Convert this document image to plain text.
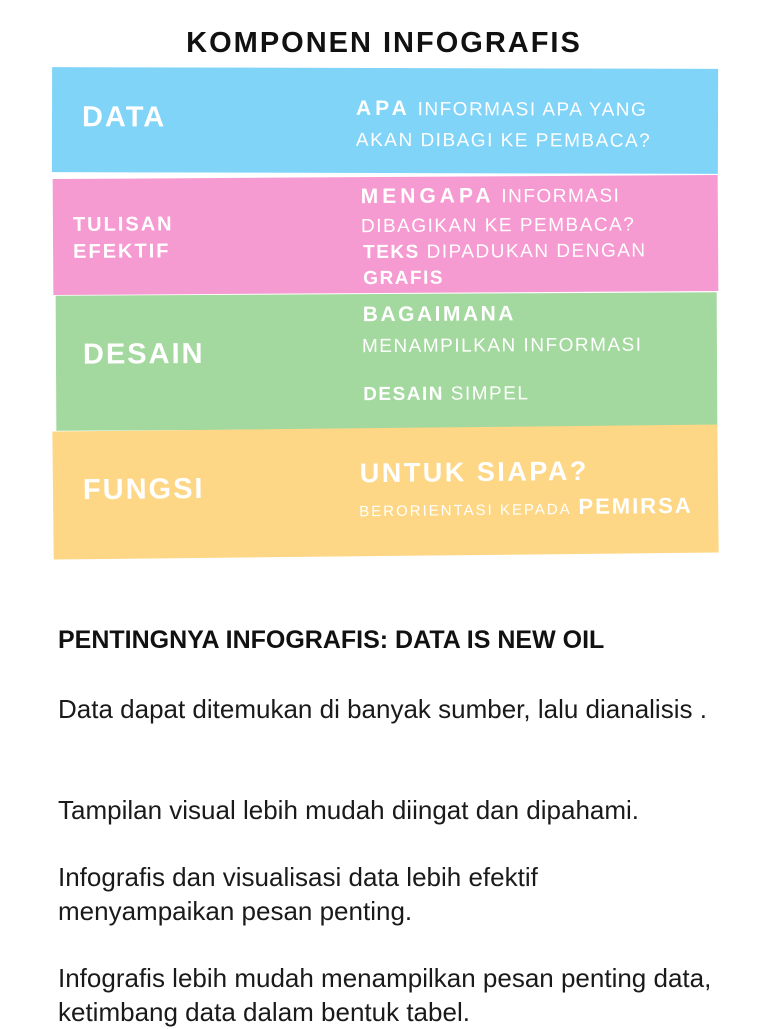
KOMPONEN INFOGRAFIS
DATA	APA INFORMASI APA YANG
AKAN DIBAGI KE PEMBACA?
TULISAN
EFEKTIF
MENGAPA INFORMASI
DIBAGIKAN KE PEMBACA?
TEKS DIPADUKAN DENGAN
GRAFIS
DESAIN
BAGAIMANA
MENAMPILKAN INFORMASI
DESAIN SIMPEL
FUNGSI
UNTUK SIAPA?
BERORIENTASI KEPADA PEMIRSA
PENTINGNYA INFOGRAFIS: DATA IS NEW OIL
Data dapat ditemukan di banyak sumber, lalu dianalisis .
Tampilan visual lebih mudah diingat dan dipahami.
Infografis dan visualisasi data lebih efektif menyampaikan pesan penting.
Infografis lebih mudah menampilkan pesan penting data, ketimbang data dalam bentuk tabel.
